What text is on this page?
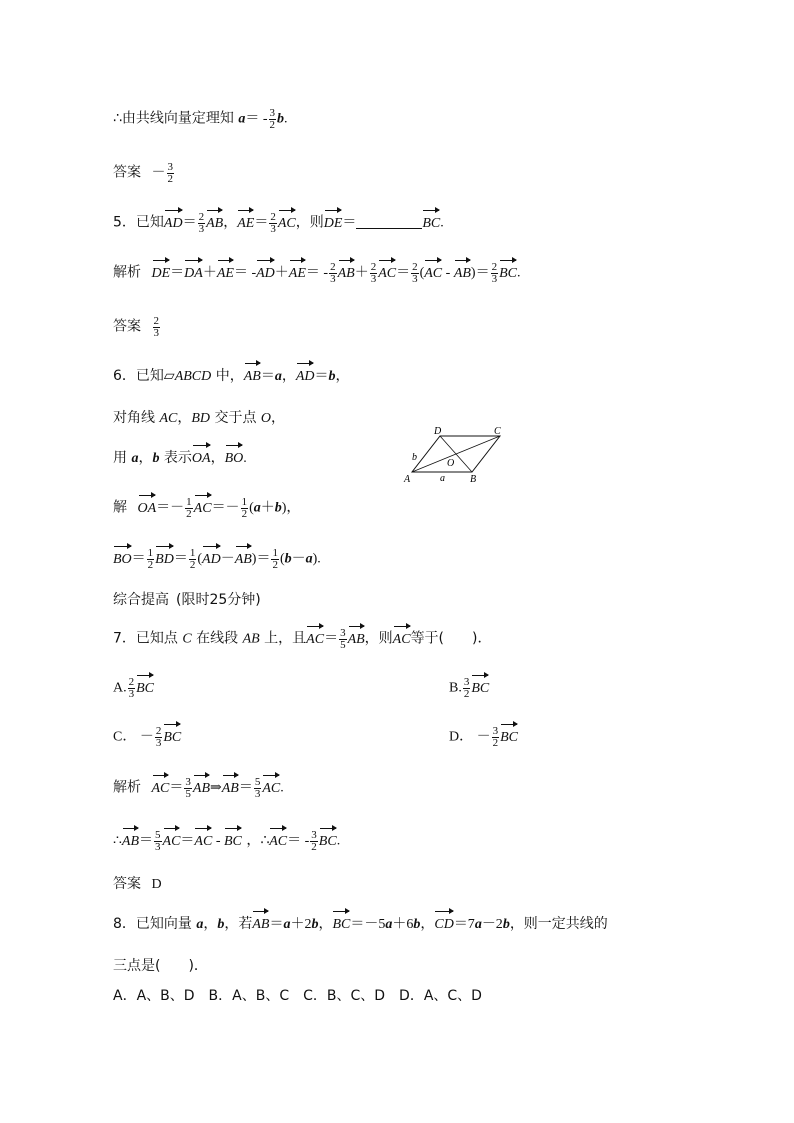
∴由共线向量定理知 $a= - \frac{3}{2} b$.
答案 － $\frac{3}{2}$
5．已知$AD= \frac{2}{3}$ AB，$AE= \frac{2}{3}$ AC，则DE＝	BC.
解析 $DE=DA+AE= -AD+AE= - \frac{2}{3} AB+ \frac{2}{3} AC= \frac{2}{3} (AC - AB)= \frac{2}{3}$ BC.
答案 $\frac{2}{3}$
6．已知▱ABCD 中，AB＝a，AD＝b，
对角线 AC，BD 交于点 O，
用 a，b 表示OA，BO.
A	B
C
D
O
a
b
解 $OA=- \frac{1}{2} AC=- \frac{1}{2} (a+b)$，
$BO= \frac{1}{2} BD= \frac{1}{2} (AD-AB)= \frac{1}{2} (b-a)$.
综合提高 (限时25分钟)
7．已知点 C 在线段 AB 上，且$AC= \frac{3}{5}$ AB，则AC等于(　　)．
A. $\frac{2}{3}$ BC	B. $\frac{3}{2}$ BC
C． － $\frac{2}{3}$ BC	D． － $\frac{3}{2}$ BC
解析 $AC= \frac{3}{5}$ AB⇒AB＝ $\frac{5}{3}$ AC.
∴AB＝ $\frac{5}{3} AC=AC$ - BC ，∴AC＝ - $\frac{3}{2}$ BC.
答案 D
8．已知向量 a，b，若AB＝a＋2b，BC＝－5a＋6b，CD＝7a－2b，则一定共线的
三点是(　　)．
A．A、B、D　B．A、B、C　C．B、C、D　D．A、C、D
